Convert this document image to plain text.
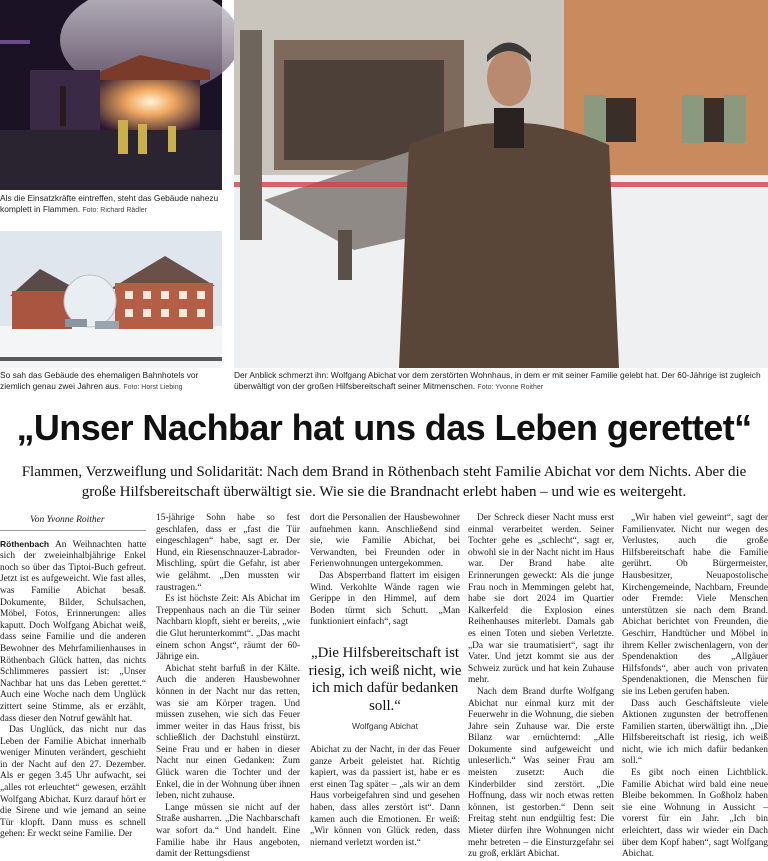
Als die Einsatzkräfte eintreffen, steht das Gebäude nahezu komplett in Flammen. Foto: Richard Rädler
So sah das Gebäude des ehemaligen Bahnhotels vor ziemlich genau zwei Jahren aus. Foto: Horst Liebing
Der Anblick schmerzt ihn: Wolfgang Abichat vor dem zerstörten Wohnhaus, in dem er mit seiner Familie gelebt hat. Der 60-Jährige ist zugleich überwältigt von der großen Hilfsbereitschaft seiner Mitmenschen. Foto: Yvonne Roither
„Unser Nachbar hat uns das Leben gerettet“
Flammen, Verzweiflung und Solidarität: Nach dem Brand in Röthenbach steht Familie Abichat vor dem Nichts. Aber die große Hilfsbereitschaft überwältigt sie. Wie sie die Brandnacht erlebt haben – und wie es weitergeht.
Von Yvonne Roither

Röthenbach An Weihnachten hatte sich der zweieinhalbjährige Enkel noch so über das Tiptoi-Buch gefreut. Jetzt ist es aufgeweicht. Wie fast alles, was Familie Abichat besaß. Dokumente, Bilder, Schulsachen, Möbel, Fotos, Erinnerungen: alles kaputt. Doch Wolfgang Abichat weiß, dass seine Familie und die anderen Bewohner des Mehrfamilienhauses in Röthenbach Glück hatten, das nichts Schlimmeres passiert ist: „Unser Nachbar hat uns das Leben gerettet.“ Auch eine Woche nach dem Unglück zittert seine Stimme, als er erzählt, dass dieser den Notruf gewählt hat.

Das Unglück, das nicht nur das Leben der Familie Abichat innerhalb weniger Minuten verändert, geschieht in der Nacht auf den 27. Dezember. Als er gegen 3.45 Uhr aufwacht, sei „alles rot erleuchtet“ gewesen, erzählt Wolfgang Abichat. Kurz darauf hört er die Sirene und wie jemand an seine Tür klopft. Dann muss es schnell gehen: Er weckt seine Familie. Der

15-jährige Sohn habe so fest geschlafen, dass er „fast die Tür eingeschlagen“ habe, sagt er. Der Hund, ein Riesenschnauzer-Labrador-Mischling, spürt die Gefahr, ist aber wie gelähmt. „Den mussten wir raustragen.“

Es ist höchste Zeit: Als Abichat im Treppenhaus nach an die Tür seiner Nachbarn klopft, sieht er bereits, „wie die Glut herunterkommt“. „Das macht einem schon Angst“, räumt der 60-Jährige ein.

Abichat steht barfuß in der Kälte. Auch die anderen Hausbewohner können in der Nacht nur das retten, was sie am Körper tragen. Und müssen zusehen, wie sich das Feuer immer weiter in das Haus frisst, bis schließlich der Dachstuhl einstürzt. Seine Frau und er haben in dieser Nacht nur einen Gedanken: Zum Glück waren die Tochter und der Enkel, die in der Wohnung über ihnen leben, nicht zuhause.

Lange müssen sie nicht auf der Straße ausharren. „Die Nachbarschaft war sofort da.“ Und handelt. Eine Familie habe ihr Haus angeboten, damit der Rettungsdienst

dort die Personalien der Hausbewohner aufnehmen kann. Anschließend sind sie, wie Familie Abichat, bei Verwandten, bei Freunden oder in Ferienwohnungen untergekommen.

Das Absperrband flattert im eisigen Wind. Verkohlte Wände ragen wie Gerippe in den Himmel, auf dem Boden türmt sich Schutt. „Man funktioniert einfach“, sagt

„Die Hilfsbereitschaft ist riesig, ich weiß nicht, wie ich mich dafür bedanken soll.“
Wolfgang Abichat

Abichat zu der Nacht, in der das Feuer ganze Arbeit geleistet hat. Richtig kapiert, was da passiert ist, habe er es erst einen Tag später – „als wir an dem Haus vorbeigefahren sind und gesehen haben, dass alles zerstört ist“. Dann kamen auch die Emotionen. Er weiß: „Wir können von Glück reden, dass niemand verletzt worden ist.“

Der Schreck dieser Nacht muss erst einmal verarbeitet werden. Seiner Tochter gehe es „schlecht“, sagt er, obwohl sie in der Nacht nicht im Haus war. Der Brand habe alte Erinnerungen geweckt: Als die junge Frau noch in Memmingen gelebt hat, habe sie dort 2024 im Quartier Kalkerfeld die Explosion eines Reihenhauses miterlebt. Damals gab es einen Toten und sieben Verletzte. „Da war sie traumatisiert“, sagt ihr Vater. Und jetzt kommt sie aus der Schweiz zurück und hat kein Zuhause mehr.

Nach dem Brand durfte Wolfgang Abichat nur einmal kurz mit der Feuerwehr in die Wohnung, die sieben Jahre sein Zuhause war. Die erste Bilanz war ernüchternd: „Alle Dokumente sind aufgeweicht und unleserlich.“ Was seiner Frau am meisten zusetzt: Auch die Kinderbilder sind zerstört. „Die Hoffnung, dass wir noch etwas retten können, ist gestorben.“ Denn seit Freitag steht nun endgültig fest: Die Mieter dürfen ihre Wohnungen nicht mehr betreten – die Einsturzgefahr sei zu groß, erklärt Abichat.

„Wir haben viel geweint“, sagt der Familienvater. Nicht nur wegen des Verlustes, auch die große Hilfsbereitschaft habe die Familie gerührt. Ob Bürgermeister, Hausbesitzer, Neuapostolische Kirchengemeinde, Nachbarn, Freunde oder Fremde: Viele Menschen unterstützen sie nach dem Brand. Abichat berichtet von Freunden, die Geschirr, Handtücher und Möbel in ihrem Keller zwischenlagern, von der Spendenaktion des „Allgäuer Hilfsfonds“, aber auch von privaten Spendenaktionen, die Menschen für sie ins Leben gerufen haben.

Dass auch Geschäftsleute viele Aktionen zugunsten der betroffenen Familien starten, überwältigt ihn. „Die Hilfsbereitschaft ist riesig, ich weiß nicht, wie ich mich dafür bedanken soll.“

Es gibt noch einen Lichtblick. Familie Abichat wird bald eine neue Bleibe bekommen. In Goßholz haben sie eine Wohnung in Aussicht – vorerst für ein Jahr. „Ich bin erleichtert, dass wir wieder ein Dach über dem Kopf haben“, sagt Wolfgang Abichat.
